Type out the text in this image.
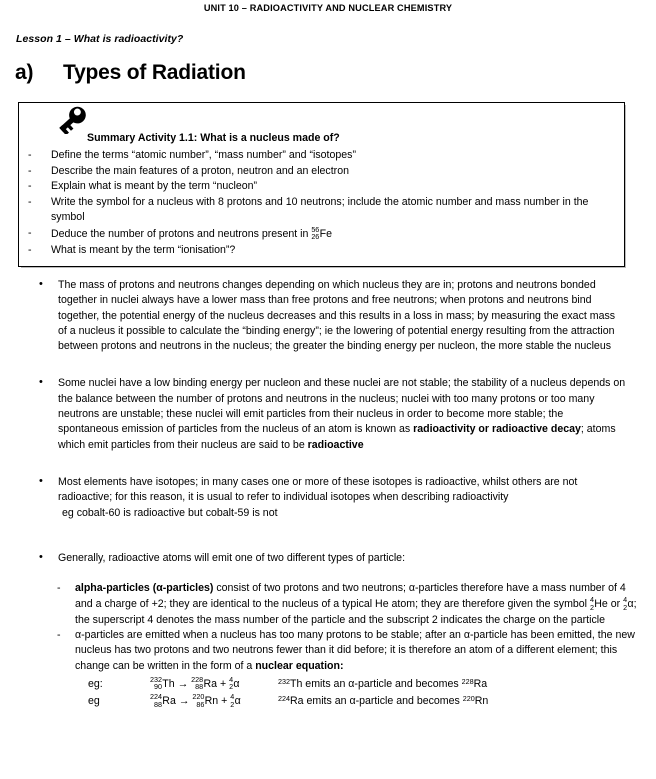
UNIT 10 – RADIOACTIVITY AND NUCLEAR CHEMISTRY
Lesson 1 – What is radioactivity?
a)	Types of Radiation
Summary Activity 1.1: What is a nucleus made of?
- Define the terms “atomic number”, “mass number” and “isotopes”
- Describe the main features of a proton, neutron and an electron
- Explain what is meant by the term “nucleon”
- Write the symbol for a nucleus with 8 protons and 10 neutrons; include the atomic number and mass number in the symbol
- Deduce the number of protons and neutrons present in 56
26 Fe
- What is meant by the term “ionisation”?
• The mass of protons and neutrons changes depending on which nucleus they are in; protons and neutrons bonded together in nuclei always have a lower mass than free protons and free neutrons; when protons and neutrons bind together, the potential energy of the nucleus decreases and this results in a loss in mass; by measuring the exact mass of a nucleus it possible to calculate the “binding energy”; ie the lowering of potential energy resulting from the attraction between protons and neutrons in the nucleus; the greater the binding energy per nucleon, the more stable the nucleus
• Some nuclei have a low binding energy per nucleon and these nuclei are not stable; the stability of a nucleus depends on the balance between the number of protons and neutrons in the nucleus; nuclei with too many protons or too many neutrons are unstable; these nuclei will emit particles from their nucleus in order to become more stable; the spontaneous emission of particles from the nucleus of an atom is known as radioactivity or radioactive decay; atoms which emit particles from their nucleus are said to be radioactive
• Most elements have isotopes; in many cases one or more of these isotopes is radioactive, whilst others are not radioactive; for this reason, it is usual to refer to individual isotopes when describing radioactivity
eg cobalt-60 is radioactive but cobalt-59 is not
• Generally, radioactive atoms will emit one of two different types of particle:
- alpha-particles (α-particles) consist of two protons and two neutrons; α-particles therefore have a mass number of 4 and a charge of +2; they are identical to the nucleus of a typical He atom; they are therefore given the symbol 4
2 He or 4
2 α; the superscript 4 denotes the mass number of the particle and the subscript 2 indicates the charge on the particle
- α-particles are emitted when a nucleus has too many protons to be stable; after an α-particle has been emitted, the new nucleus has two protons and two neutrons fewer than it did before; it is therefore an atom of a different element; this change can be written in the form of a nuclear equation:
eg:	232
90 Th → 228
88 Ra + 4
2 α	$^{232}$Th emits an α-particle and becomes $^{228}$Ra
eg	224
88 Ra → 220
86 Rn + 4
2 α	$^{224}$Ra emits an α-particle and becomes $^{220}$Rn
